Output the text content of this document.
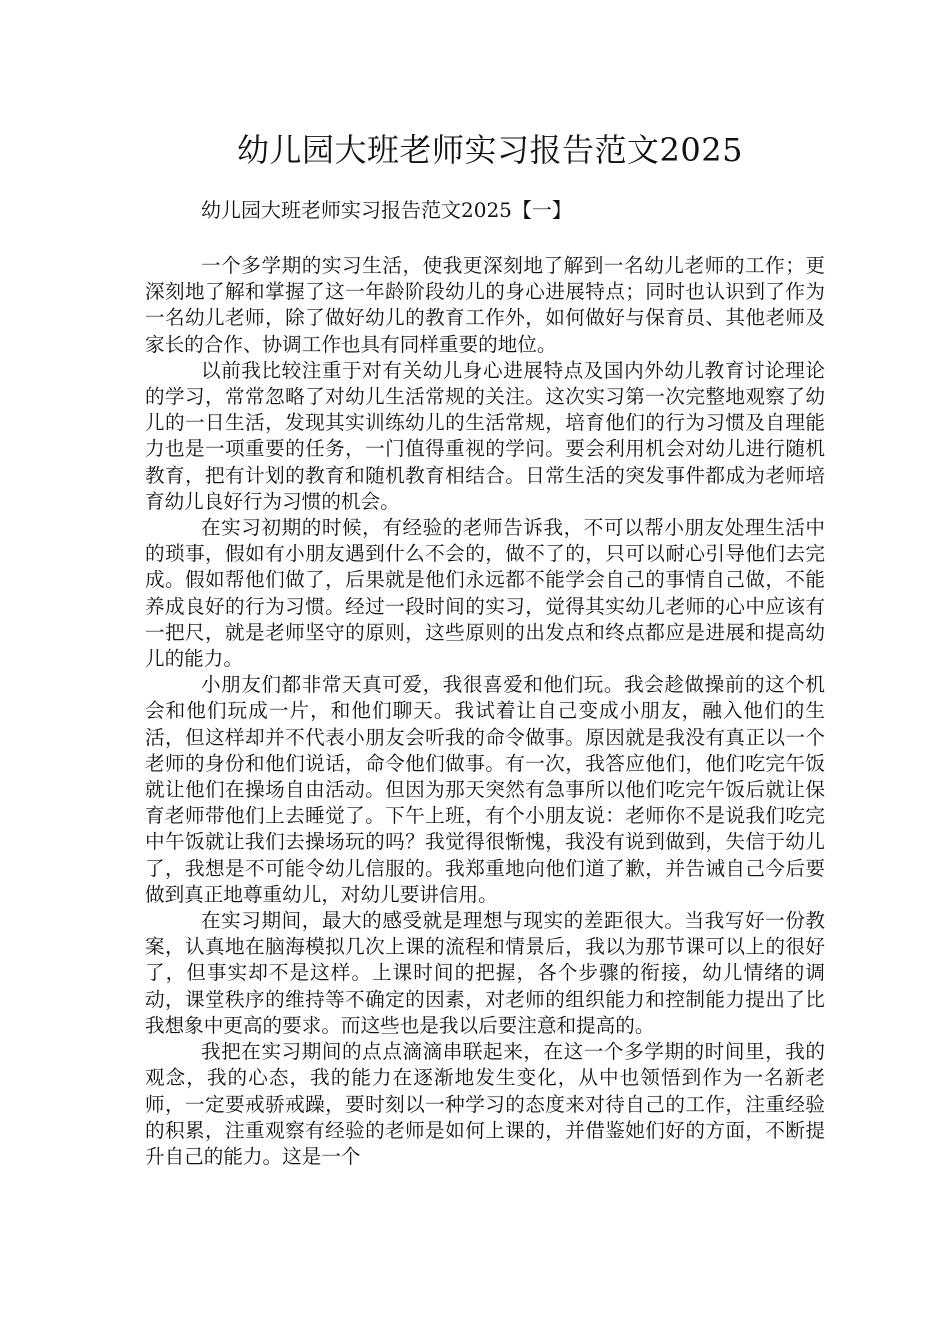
幼儿园大班老师实习报告范文2025

幼儿园大班老师实习报告范文2025【一】

一个多学期的实习生活，使我更深刻地了解到一名幼儿老师的工作；更深刻地了解和掌握了这一年龄阶段幼儿的身心进展特点；同时也认识到了作为一名幼儿老师，除了做好幼儿的教育工作外，如何做好与保育员、其他老师及家长的合作、协调工作也具有同样重要的地位。

以前我比较注重于对有关幼儿身心进展特点及国内外幼儿教育讨论理论的学习，常常忽略了对幼儿生活常规的关注。这次实习第一次完整地观察了幼儿的一日生活，发现其实训练幼儿的生活常规，培育他们的行为习惯及自理能力也是一项重要的任务，一门值得重视的学问。要会利用机会对幼儿进行随机教育，把有计划的教育和随机教育相结合。日常生活的突发事件都成为老师培育幼儿良好行为习惯的机会。

在实习初期的时候，有经验的老师告诉我，不可以帮小朋友处理生活中的琐事，假如有小朋友遇到什么不会的，做不了的，只可以耐心引导他们去完成。假如帮他们做了，后果就是他们永远都不能学会自己的事情自己做，不能养成良好的行为习惯。经过一段时间的实习，觉得其实幼儿老师的心中应该有一把尺，就是老师坚守的原则，这些原则的出发点和终点都应是进展和提高幼儿的能力。

小朋友们都非常天真可爱，我很喜爱和他们玩。我会趁做操前的这个机会和他们玩成一片，和他们聊天。我试着让自己变成小朋友，融入他们的生活，但这样却并不代表小朋友会听我的命令做事。原因就是我没有真正以一个老师的身份和他们说话，命令他们做事。有一次，我答应他们，他们吃完午饭就让他们在操场自由活动。但因为那天突然有急事所以他们吃完午饭后就让保育老师带他们上去睡觉了。下午上班，有个小朋友说：老师你不是说我们吃完中午饭就让我们去操场玩的吗？我觉得很惭愧，我没有说到做到，失信于幼儿了，我想是不可能令幼儿信服的。我郑重地向他们道了歉，并告诫自己今后要做到真正地尊重幼儿，对幼儿要讲信用。

在实习期间，最大的感受就是理想与现实的差距很大。当我写好一份教案，认真地在脑海模拟几次上课的流程和情景后，我以为那节课可以上的很好了，但事实却不是这样。上课时间的把握，各个步骤的衔接，幼儿情绪的调动，课堂秩序的维持等不确定的因素，对老师的组织能力和控制能力提出了比我想象中更高的要求。而这些也是我以后要注意和提高的。

我把在实习期间的点点滴滴串联起来，在这一个多学期的时间里，我的观念，我的心态，我的能力在逐渐地发生变化，从中也领悟到作为一名新老师，一定要戒骄戒躁，要时刻以一种学习的态度来对待自己的工作，注重经验的积累，注重观察有经验的老师是如何上课的，并借鉴她们好的方面，不断提升自己的能力。这是一个
